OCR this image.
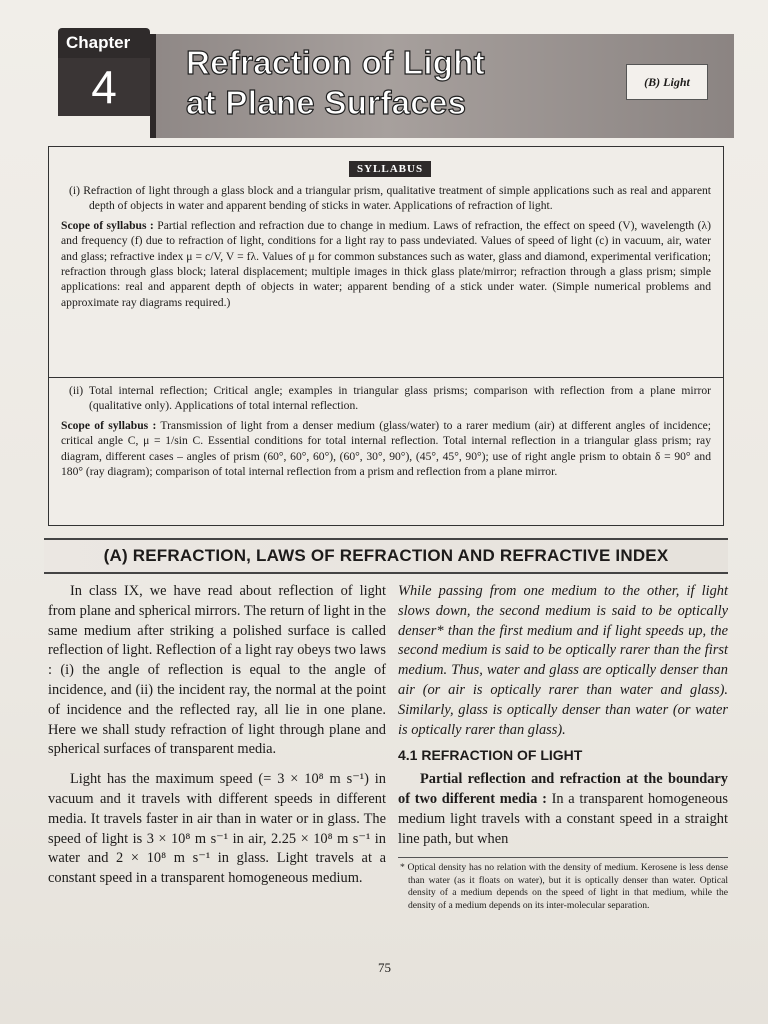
Chapter
4	Refraction of Light
at Plane Surfaces
(B) Light
SYLLABUS

(i) Refraction of light through a glass block and a triangular prism, qualitative treatment of simple applications such as real and apparent depth of objects in water and apparent bending of sticks in water. Applications of refraction of light.

Scope of syllabus : Partial reflection and refraction due to change in medium. Laws of refraction, the effect on speed (V), wavelength (λ) and frequency (f) due to refraction of light, conditions for a light ray to pass undeviated. Values of speed of light (c) in vacuum, air, water and glass; refractive index μ = c/V, V = fλ. Values of μ for common substances such as water, glass and diamond, experimental verification; refraction through glass block; lateral displacement; multiple images in thick glass plate/mirror; refraction through a glass prism; simple applications: real and apparent depth of objects in water; apparent bending of a stick under water. (Simple numerical problems and approximate ray diagrams required.)

(ii) Total internal reflection; Critical angle; examples in triangular glass prisms; comparison with reflection from a plane mirror (qualitative only). Applications of total internal reflection.

Scope of syllabus : Transmission of light from a denser medium (glass/water) to a rarer medium (air) at different angles of incidence; critical angle C, μ = 1/sin C. Essential conditions for total internal reflection. Total internal reflection in a triangular glass prism; ray diagram, different cases – angles of prism (60°, 60°, 60°), (60°, 30°, 90°), (45°, 45°, 90°); use of right angle prism to obtain δ = 90° and 180° (ray diagram); comparison of total internal reflection from a prism and reflection from a plane mirror.

(A) REFRACTION, LAWS OF REFRACTION AND REFRACTIVE INDEX

In class IX, we have read about reflection of light from plane and spherical mirrors. The return of light in the same medium after striking a polished surface is called reflection of light. Reflection of a light ray obeys two laws : (i) the angle of reflection is equal to the angle of incidence, and (ii) the incident ray, the normal at the point of incidence and the reflected ray, all lie in one plane. Here we shall study refraction of light through plane and spherical surfaces of transparent media.

Light has the maximum speed (= 3 × 10⁸ m s⁻¹) in vacuum and it travels with different speeds in different media. It travels faster in air than in water or in glass. The speed of light is 3 × 10⁸ m s⁻¹ in air, 2.25 × 10⁸ m s⁻¹ in water and 2 × 10⁸ m s⁻¹ in glass. Light travels at a constant speed in a transparent homogeneous medium.

While passing from one medium to the other, if light slows down, the second medium is said to be optically denser* than the first medium and if light speeds up, the second medium is said to be optically rarer than the first medium. Thus, water and glass are optically denser than air (or air is optically rarer than water and glass). Similarly, glass is optically denser than water (or water is optically rarer than glass).

4.1 REFRACTION OF LIGHT

Partial reflection and refraction at the boundary of two different media : In a transparent homogeneous medium light travels with a constant speed in a straight line path, but when

* Optical density has no relation with the density of medium. Kerosene is less dense than water (as it floats on water), but it is optically denser than water. Optical density of a medium depends on the speed of light in that medium, while the density of a medium depends on its inter-molecular separation.

75
